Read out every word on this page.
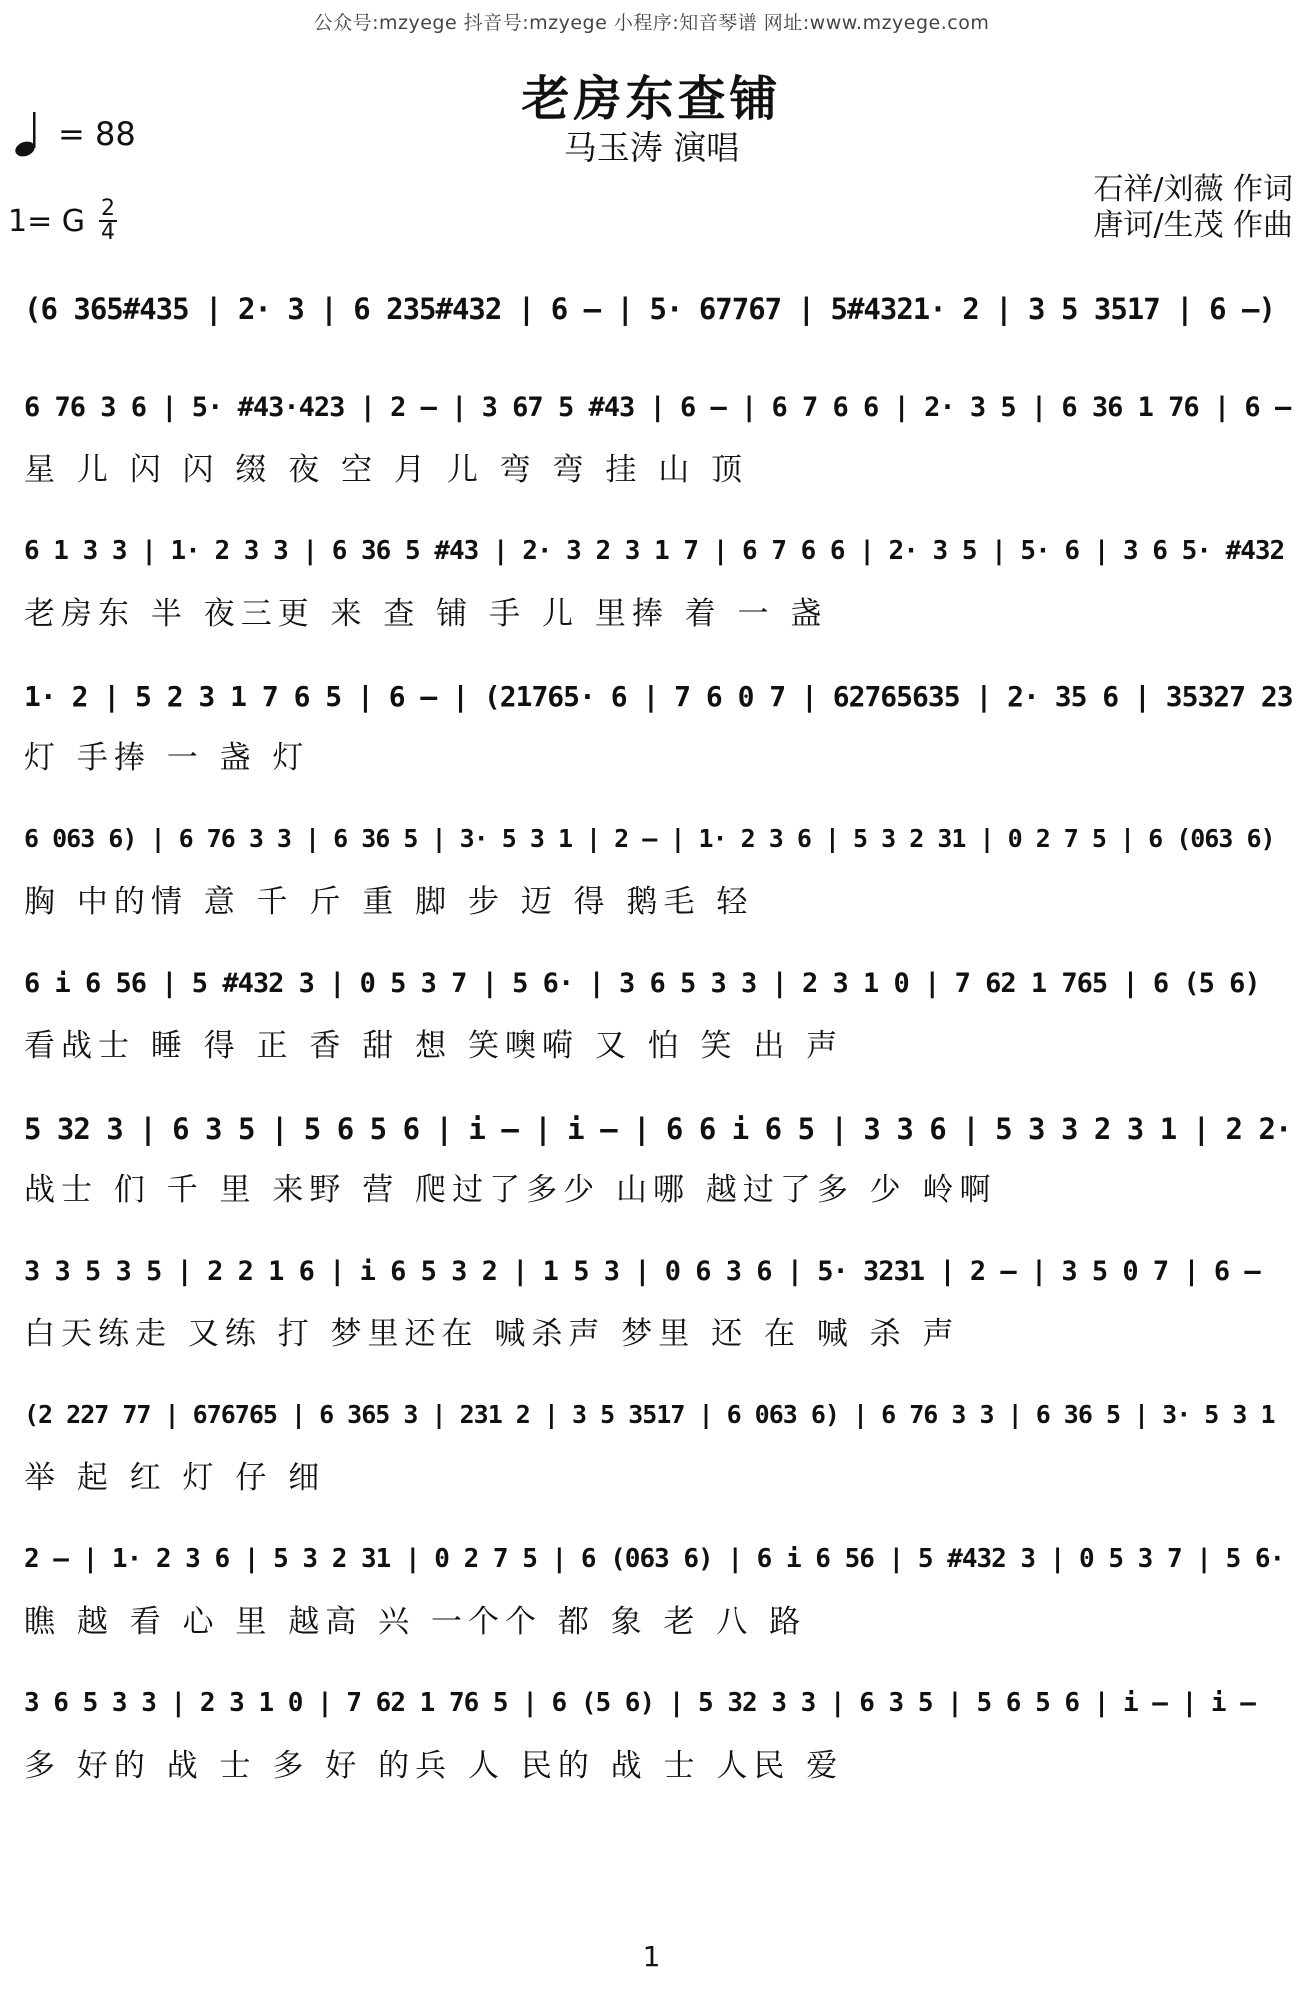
公众号:mzyege 抖音号:mzyege 小程序:知音琴谱 网址:www.mzyege.com
老房东查铺
马玉涛 演唱
= 88
1= G $\frac{2}{4}$
石祥/刘薇 作词
唐诃/生茂 作曲
(6 365#435 | 2· 3 | 6 235#432 | 6 — | 5· 67767 | 5#4321· 2 | 3 5 3517 | 6 —)
6 76 3 6 | 5· #43·423 | 2 — | 3 67 5 #43 | 6 — | 6 7 6 6 | 2· 3 5 | 6 36 1 76 | 6 —
星 儿 闪 闪 缀 夜 空 月 儿 弯 弯 挂 山 顶
6 1 3 3 | 1· 2 3 3 | 6 36 5 #43 | 2· 3 2 3 1 7 | 6 7 6 6 | 2· 3 5 | 5· 6 | 3 6 5· #432
老房东 半 夜三更 来 查 铺 手 儿 里捧 着 一 盏
1· 2 | 5 2 3 1 7 6 5 | 6 — | (21765· 6 | 7 6 0 7 | 62765635 | 2· 35 6 | 35327 23
灯 手捧 一 盏 灯
6 063 6) | 6 76 3 3 | 6 36 5 | 3· 5 3 1 | 2 — | 1· 2 3 6 | 5 3 2 31 | 0 2 7 5 | 6 (063 6)
胸 中的情 意 千 斤 重 脚 步 迈 得 鹅毛 轻
6 i 6 56 | 5 #432 3 | 0 5 3 7 | 5 6· | 3 6 5 3 3 | 2 3 1 0 | 7 62 1 765 | 6 (5 6)
看战士 睡 得 正 香 甜 想 笑噢嗬 又 怕 笑 出 声
5 32 3 | 6 3 5 | 5 6 5 6 | i — | i — | 6 6 i 6 5 | 3 3 6 | 5 3 3 2 3 1 | 2 2·
战士 们 千 里 来野 营 爬过了多少 山哪 越过了多 少 岭啊
3 3 5 3 5 | 2 2 1 6 | i 6 5 3 2 | 1 5 3 | 0 6 3 6 | 5· 3231 | 2 — | 3 5 0 7 | 6 —
白天练走 又练 打 梦里还在 喊杀声 梦里 还 在 喊 杀 声
(2 227 77 | 676765 | 6 365 3 | 231 2 | 3 5 3517 | 6 063 6) | 6 76 3 3 | 6 36 5 | 3· 5 3 1
举 起 红 灯 仔 细
2 — | 1· 2 3 6 | 5 3 2 31 | 0 2 7 5 | 6 (063 6) | 6 i 6 56 | 5 #432 3 | 0 5 3 7 | 5 6·
瞧 越 看 心 里 越高 兴 一个个 都 象 老 八 路
3 6 5 3 3 | 2 3 1 0 | 7 62 1 76 5 | 6 (5 6) | 5 32 3 3 | 6 3 5 | 5 6 5 6 | i — | i —
多 好的 战 士 多 好 的兵 人 民的 战 士 人民 爱
1
